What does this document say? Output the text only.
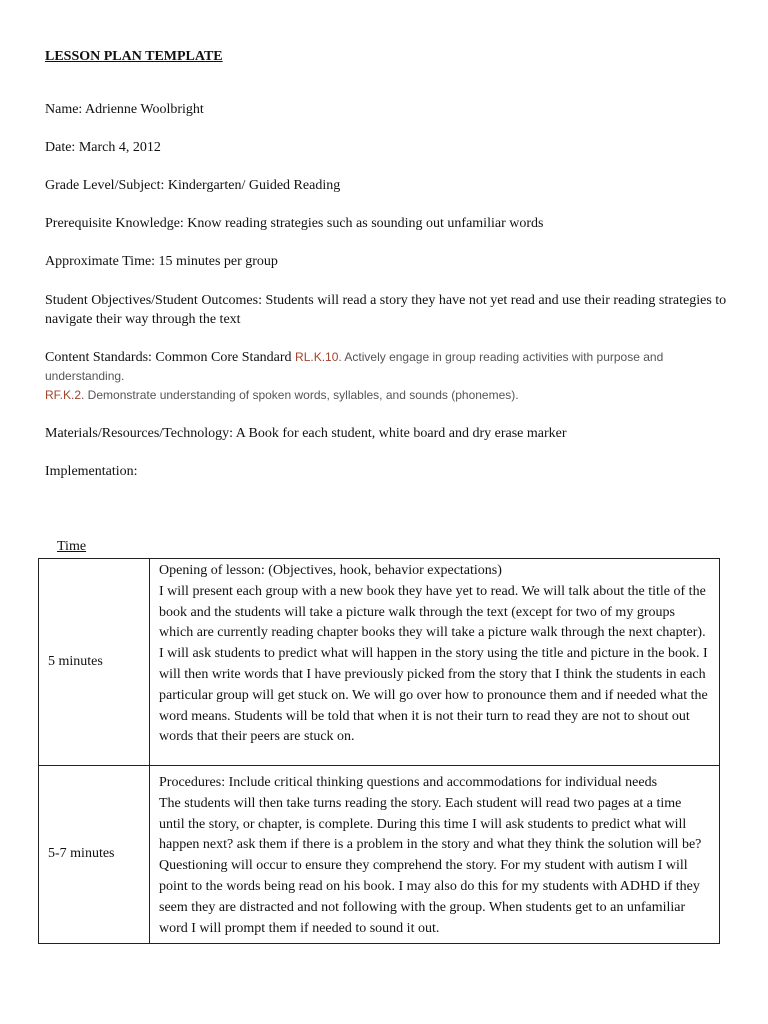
LESSON PLAN TEMPLATE

Name: Adrienne Woolbright

Date: March 4, 2012

Grade Level/Subject: Kindergarten/ Guided Reading

Prerequisite Knowledge: Know reading strategies such as sounding out unfamiliar words

Approximate Time: 15 minutes per group

Student Objectives/Student Outcomes: Students will read a story they have not yet read and use their reading strategies to navigate their way through the text

Content Standards: Common Core Standard RL.K.10. Actively engage in group reading activities with purpose and understanding.
RF.K.2. Demonstrate understanding of spoken words, syllables, and sounds (phonemes).

Materials/Resources/Technology: A Book for each student, white board and dry erase marker

Implementation:

Time

5 minutes	Opening of lesson: (Objectives, hook, behavior expectations)
I will present each group with a new book they have yet to read. We will talk about the title of the book and the students will take a picture walk through the text (except for two of my groups which are currently reading chapter books they will take a picture walk through the next chapter). I will ask students to predict what will happen in the story using the title and picture in the book. I will then write words that I have previously picked from the story that I think the students in each particular group will get stuck on. We will go over how to pronounce them and if needed what the word means. Students will be told that when it is not their turn to read they are not to shout out words that their peers are stuck on.

5-7 minutes	Procedures: Include critical thinking questions and accommodations for individual needs
The students will then take turns reading the story. Each student will read two pages at a time until the story, or chapter, is complete. During this time I will ask students to predict what will happen next? ask them if there is a problem in the story and what they think the solution will be? Questioning will occur to ensure they comprehend the story. For my student with autism I will point to the words being read on his book. I may also do this for my students with ADHD if they seem they are distracted and not following with the group. When students get to an unfamiliar word I will prompt them if needed to sound it out.
